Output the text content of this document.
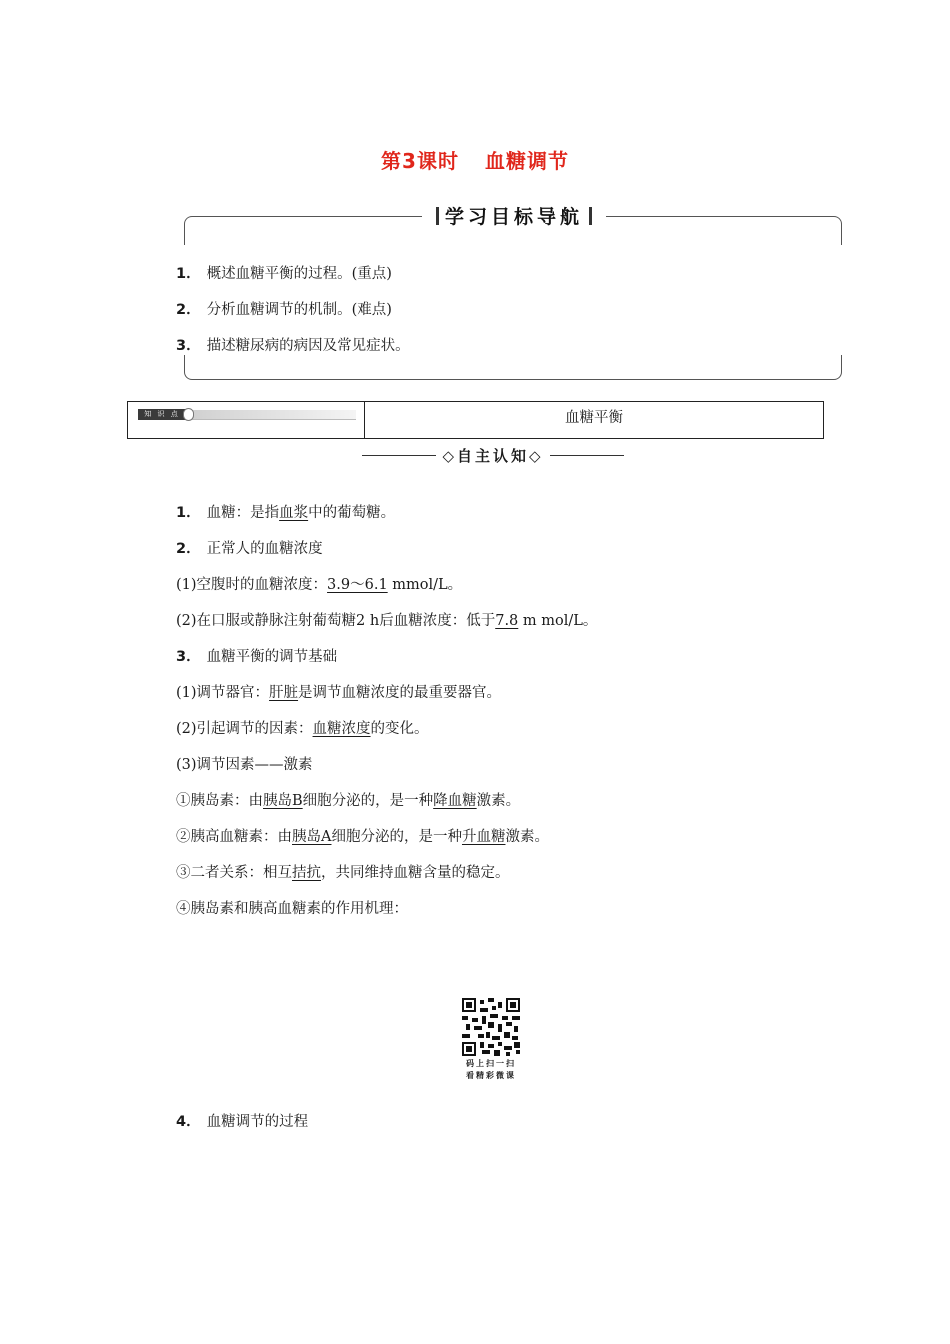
第3课时 血糖调节
学习目标导航
1． 概述血糖平衡的过程。(重点)
2． 分析血糖调节的机制。(难点)
3． 描述糖尿病的病因及常见症状。
知 识 点	血糖平衡
◇自主认知◇
1． 血糖：是指血浆中的葡萄糖。
2． 正常人的血糖浓度
(1)空腹时的血糖浓度：3.9～6.1 mmol/L。
(2)在口服或静脉注射葡萄糖2 h后血糖浓度：低于7.8 m mol/L。
3． 血糖平衡的调节基础
(1)调节器官：肝脏是调节血糖浓度的最重要器官。
(2)引起调节的因素：血糖浓度的变化。
(3)调节因素——激素
①胰岛素：由胰岛B细胞分泌的，是一种降血糖激素。
②胰高血糖素：由胰岛A细胞分泌的，是一种升血糖激素。
③二者关系：相互拮抗，共同维持血糖含量的稳定。
④胰岛素和胰高血糖素的作用机理：
码上扫一扫
看精彩微课
4． 血糖调节的过程
